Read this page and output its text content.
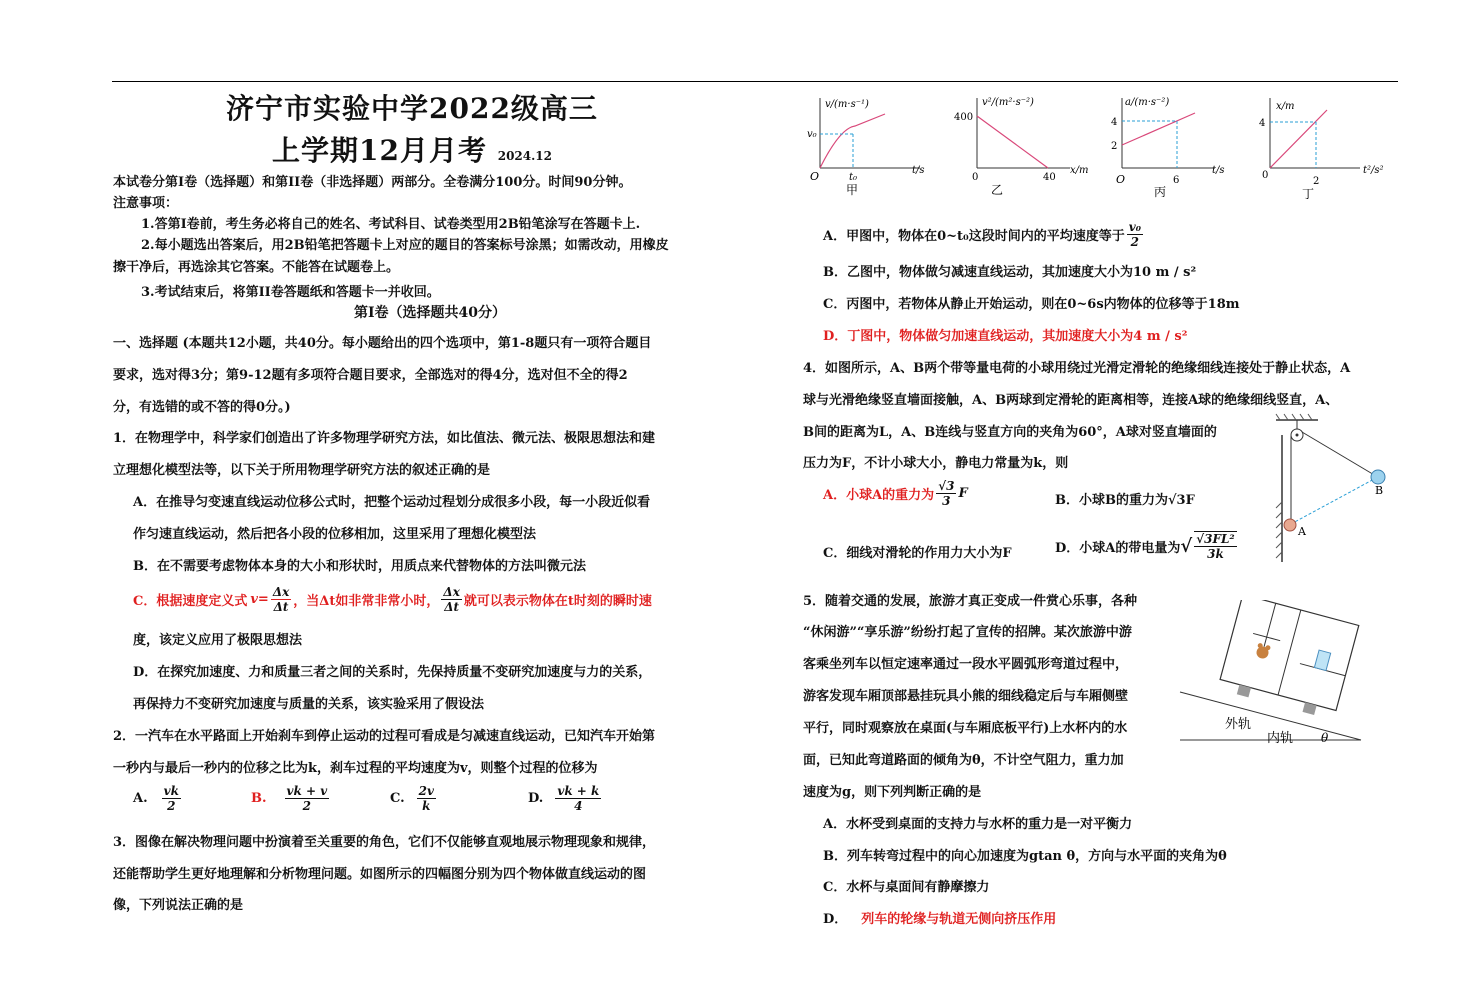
济宁市实验中学2022级高三
上学期12月月考 2024.12
本试卷分第I卷（选择题）和第II卷（非选择题）两部分。全卷满分100分。时间90分钟。
注意事项：
1.答第I卷前，考生务必将自己的姓名、考试科目、试卷类型用2B铅笔涂写在答题卡上.
2.每小题选出答案后，用2B铅笔把答题卡上对应的题目的答案标号涂黑；如需改动，用橡皮
擦干净后，再选涂其它答案。不能答在试题卷上。
3.考试结束后，将第II卷答题纸和答题卡一并收回。
第Ⅰ卷（选择题共40分）
一、选择题 (本题共12小题，共40分。每小题给出的四个选项中，第1-8题只有一项符合题目
要求，选对得3分；第9-12题有多项符合题目要求，全部选对的得4分，选对但不全的得2
分，有选错的或不答的得0分。)
1．在物理学中，科学家们创造出了许多物理学研究方法，如比值法、微元法、极限思想法和建
立理想化模型法等，以下关于所用物理学研究方法的叙述正确的是
A．在推导匀变速直线运动位移公式时，把整个运动过程划分成很多小段，每一小段近似看
作匀速直线运动，然后把各小段的位移相加，这里采用了理想化模型法
B．在不需要考虑物体本身的大小和形状时，用质点来代替物体的方法叫微元法
C．根据速度定义式 $v = \frac{\Delta x}{\Delta t}$ ，当Δt如非常非常小时， $\frac{\Delta x}{\Delta t}$ 就可以表示物体在t时刻的瞬时速
度，该定义应用了极限思想法
D．在探究加速度、力和质量三者之间的关系时，先保持质量不变研究加速度与力的关系，
再保持力不变研究加速度与质量的关系，该实验采用了假设法
2．一汽车在水平路面上开始刹车到停止运动的过程可看成是匀减速直线运动，已知汽车开始第
一秒内与最后一秒内的位移之比为k，刹车过程的平均速度为v，则整个过程的位移为
A. $\frac{vk}{2}$	B. $\frac{vk + v}{2}$	C. $\frac{2v}{k}$	D. $\frac{vk + k}{4}$
3．图像在解决物理问题中扮演着至关重要的角色，它们不仅能够直观地展示物理现象和规律，
还能帮助学生更好地理解和分析物理问题。如图所示的四幅图分别为四个物体做直线运动的图
像，下列说法正确的是
v/(m·s⁻¹)
t/s
v₀
t₀
O
甲
v²/(m²·s⁻²)
x/m
400
40
0
乙
a/(m·s⁻²)
t/s
4
2
6
O
丙
x/m
t²/s²
4
2
0
丁
A．甲图中，物体在0~t₀这段时间内的平均速度等于 $\frac{\text{v₀}}{2}$
B．乙图中，物体做匀减速直线运动，其加速度大小为10 m / s²
C．丙图中，若物体从静止开始运动，则在0~6s内物体的位移等于18m
D．丁图中，物体做匀加速直线运动，其加速度大小为4 m / s²
4．如图所示，A、B两个带等量电荷的小球用绕过光滑定滑轮的绝缘细线连接处于静止状态，A
球与光滑绝缘竖直墙面接触，A、B两球到定滑轮的距离相等，连接A球的绝缘细线竖直，A、
B间的距离为L，A、B连线与竖直方向的夹角为60°，A球对竖直墙面的
压力为F，不计小球大小，静电力常量为k，则
A．小球A的重力为 $\frac{√3}{3}$ F	B．小球B的重力为√3F
C．细线对滑轮的作用力大小为F	D．小球A的带电量为 √ $\frac{\text{√3FL²}}{3k}$	A
B
5．随着交通的发展，旅游才真正变成一件赏心乐事，各种
“休闲游”“享乐游”纷纷打起了宣传的招牌。某次旅游中游
客乘坐列车以恒定速率通过一段水平圆弧形弯道过程中，
游客发现车厢顶部悬挂玩具小熊的细线稳定后与车厢侧壁
平行，同时观察放在桌面(与车厢底板平行)上水杯内的水
面，已知此弯道路面的倾角为θ，不计空气阻力，重力加
速度为g，则下列判断正确的是
A．水杯受到桌面的支持力与水杯的重力是一对平衡力
B．列车转弯过程中的向心加速度为gtan θ，方向与水平面的夹角为θ
C．水杯与桌面间有静摩擦力
D． 列车的轮缘与轨道无侧向挤压作用
外轨
内轨 θ
